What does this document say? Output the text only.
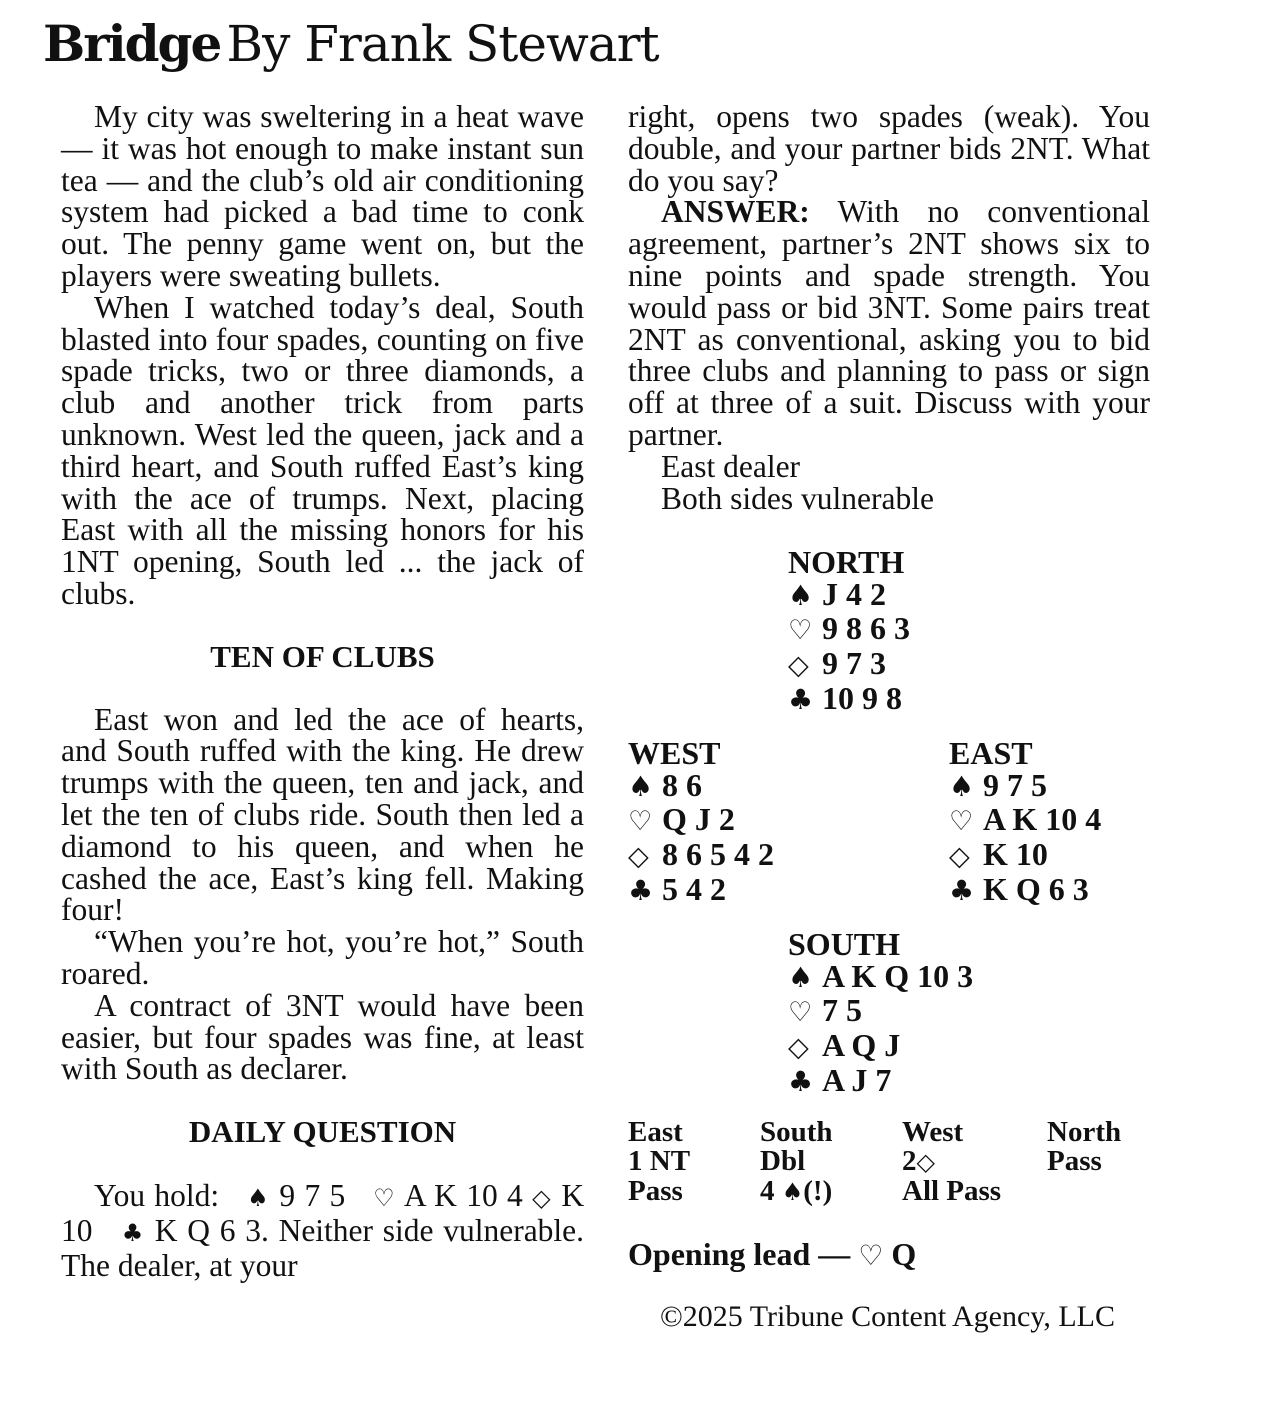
Bridge By Frank Stewart

My city was sweltering in a heat wave — it was hot enough to make instant sun tea — and the club’s old air conditioning system had picked a bad time to conk out. The penny game went on, but the players were sweating bullets.

When I watched today’s deal, South blasted into four spades, counting on five spade tricks, two or three diamonds, a club and another trick from parts unknown. West led the queen, jack and a third heart, and South ruffed East’s king with the ace of trumps. Next, placing East with all the missing honors for his 1NT opening, South led ... the jack of clubs.

TEN OF CLUBS

East won and led the ace of hearts, and South ruffed with the king. He drew trumps with the queen, ten and jack, and let the ten of clubs ride. South then led a diamond to his queen, and when he cashed the ace, East’s king fell. Making four!

“When you’re hot, you’re hot,” South roared.

A contract of 3NT would have been easier, but four spades was fine, at least with South as declarer.

DAILY QUESTION

You hold: ♠ 9 7 5 ♡ A K 10 4 ◇ K 10 ♣ K Q 6 3. Neither side vulnerable. The dealer, at your

right, opens two spades (weak). You double, and your partner bids 2NT. What do you say?

ANSWER: With no conventional agreement, partner’s 2NT shows six to nine points and spade strength. You would pass or bid 3NT. Some pairs treat 2NT as conventional, asking you to bid three clubs and planning to pass or sign off at three of a suit. Discuss with your partner.

East dealer
Both sides vulnerable
NORTH
♠ J 4 2
♡ 9 8 6 3
◇ 9 7 3
♣ 10 9 8
WEST
♠ 8 6
♡ Q J 2
◇ 8 6 5 4 2
♣ 5 4 2
EAST
♠ 9 7 5
♡ A K 10 4
◇ K 10
♣ K Q 6 3
SOUTH
♠ A K Q 10 3
♡ 7 5
◇ A Q J
♣ A J 7
East	South	West	North
1 NT	Dbl	2◇	Pass
Pass	4 ♠(!)	All Pass
Opening lead — ♡ Q
©2025 Tribune Content Agency, LLC
